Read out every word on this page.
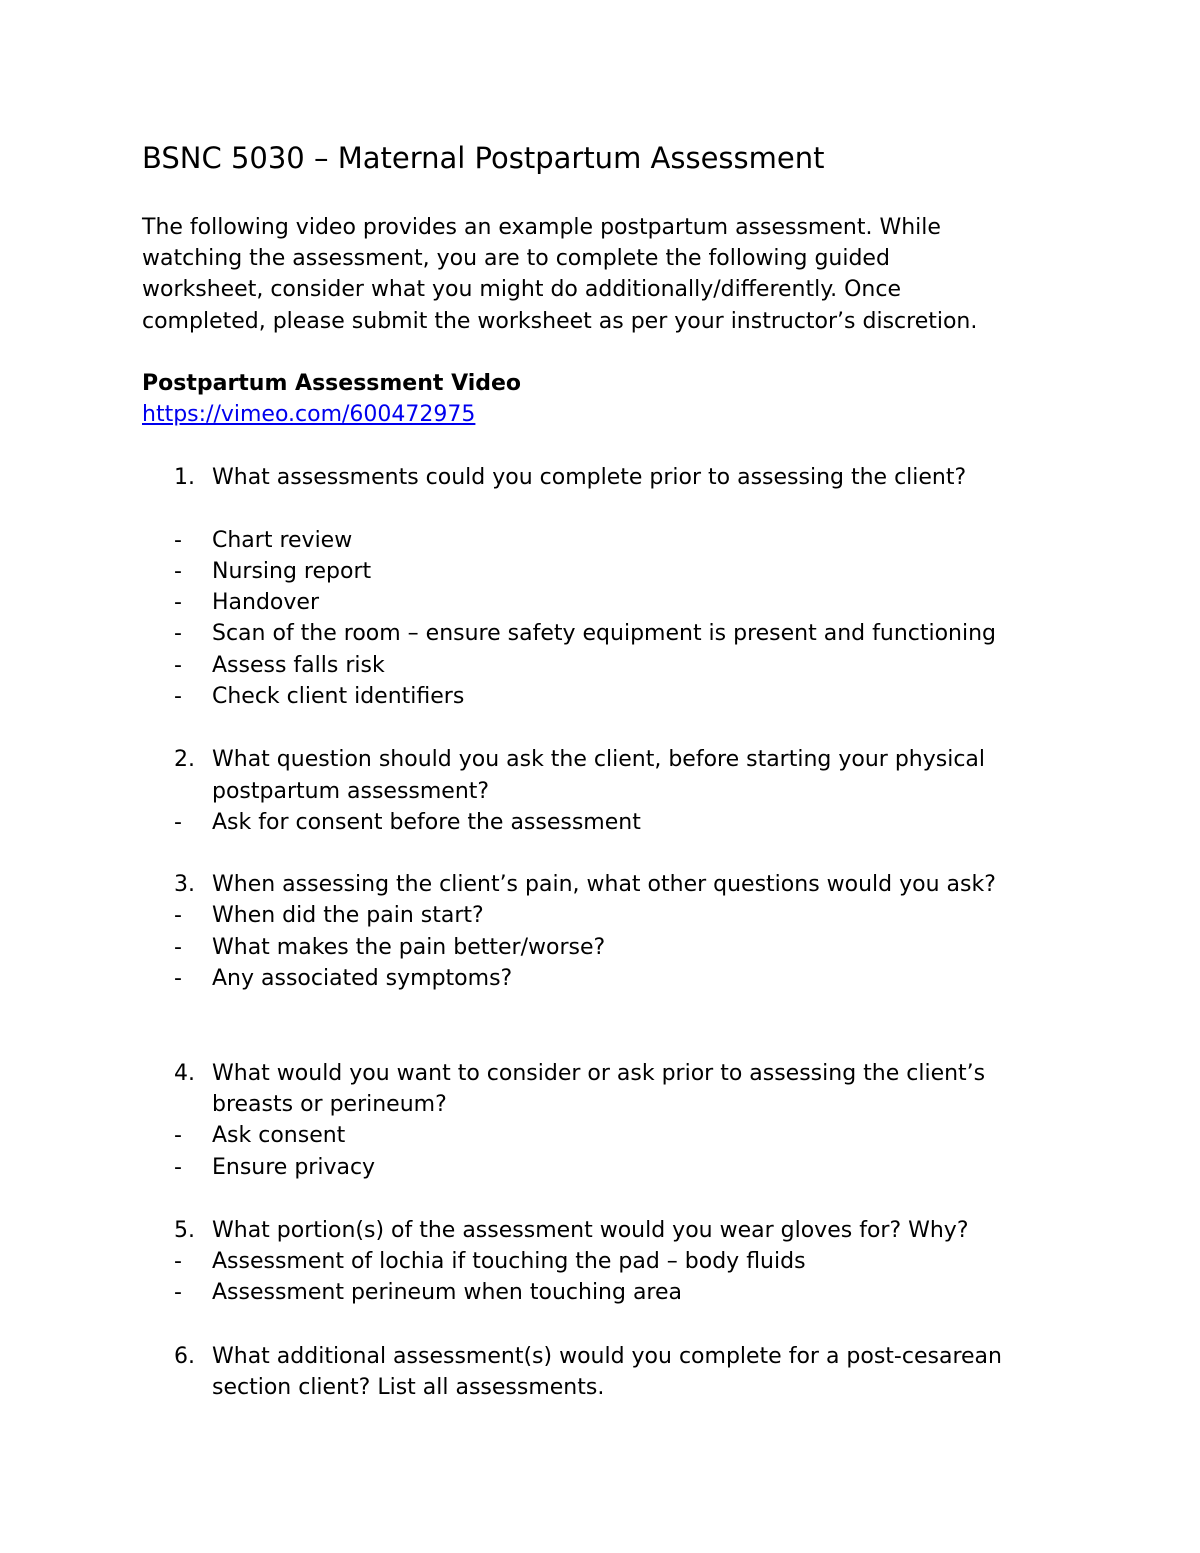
BSNC 5030 – Maternal Postpartum Assessment
The following video provides an example postpartum assessment. While
watching the assessment, you are to complete the following guided
worksheet, consider what you might do additionally/differently. Once
completed, please submit the worksheet as per your instructor’s discretion.
Postpartum Assessment Video
https://vimeo.com/600472975
1. What assessments could you complete prior to assessing the client?
- Chart review
- Nursing report
- Handover
- Scan of the room – ensure safety equipment is present and functioning
- Assess falls risk
- Check client identifiers
2. What question should you ask the client, before starting your physical
postpartum assessment?
- Ask for consent before the assessment
3. When assessing the client’s pain, what other questions would you ask?
- When did the pain start?
- What makes the pain better/worse?
- Any associated symptoms?
4. What would you want to consider or ask prior to assessing the client’s
breasts or perineum?
- Ask consent
- Ensure privacy
5. What portion(s) of the assessment would you wear gloves for? Why?
- Assessment of lochia if touching the pad – body fluids
- Assessment perineum when touching area
6. What additional assessment(s) would you complete for a post-cesarean
section client? List all assessments.
